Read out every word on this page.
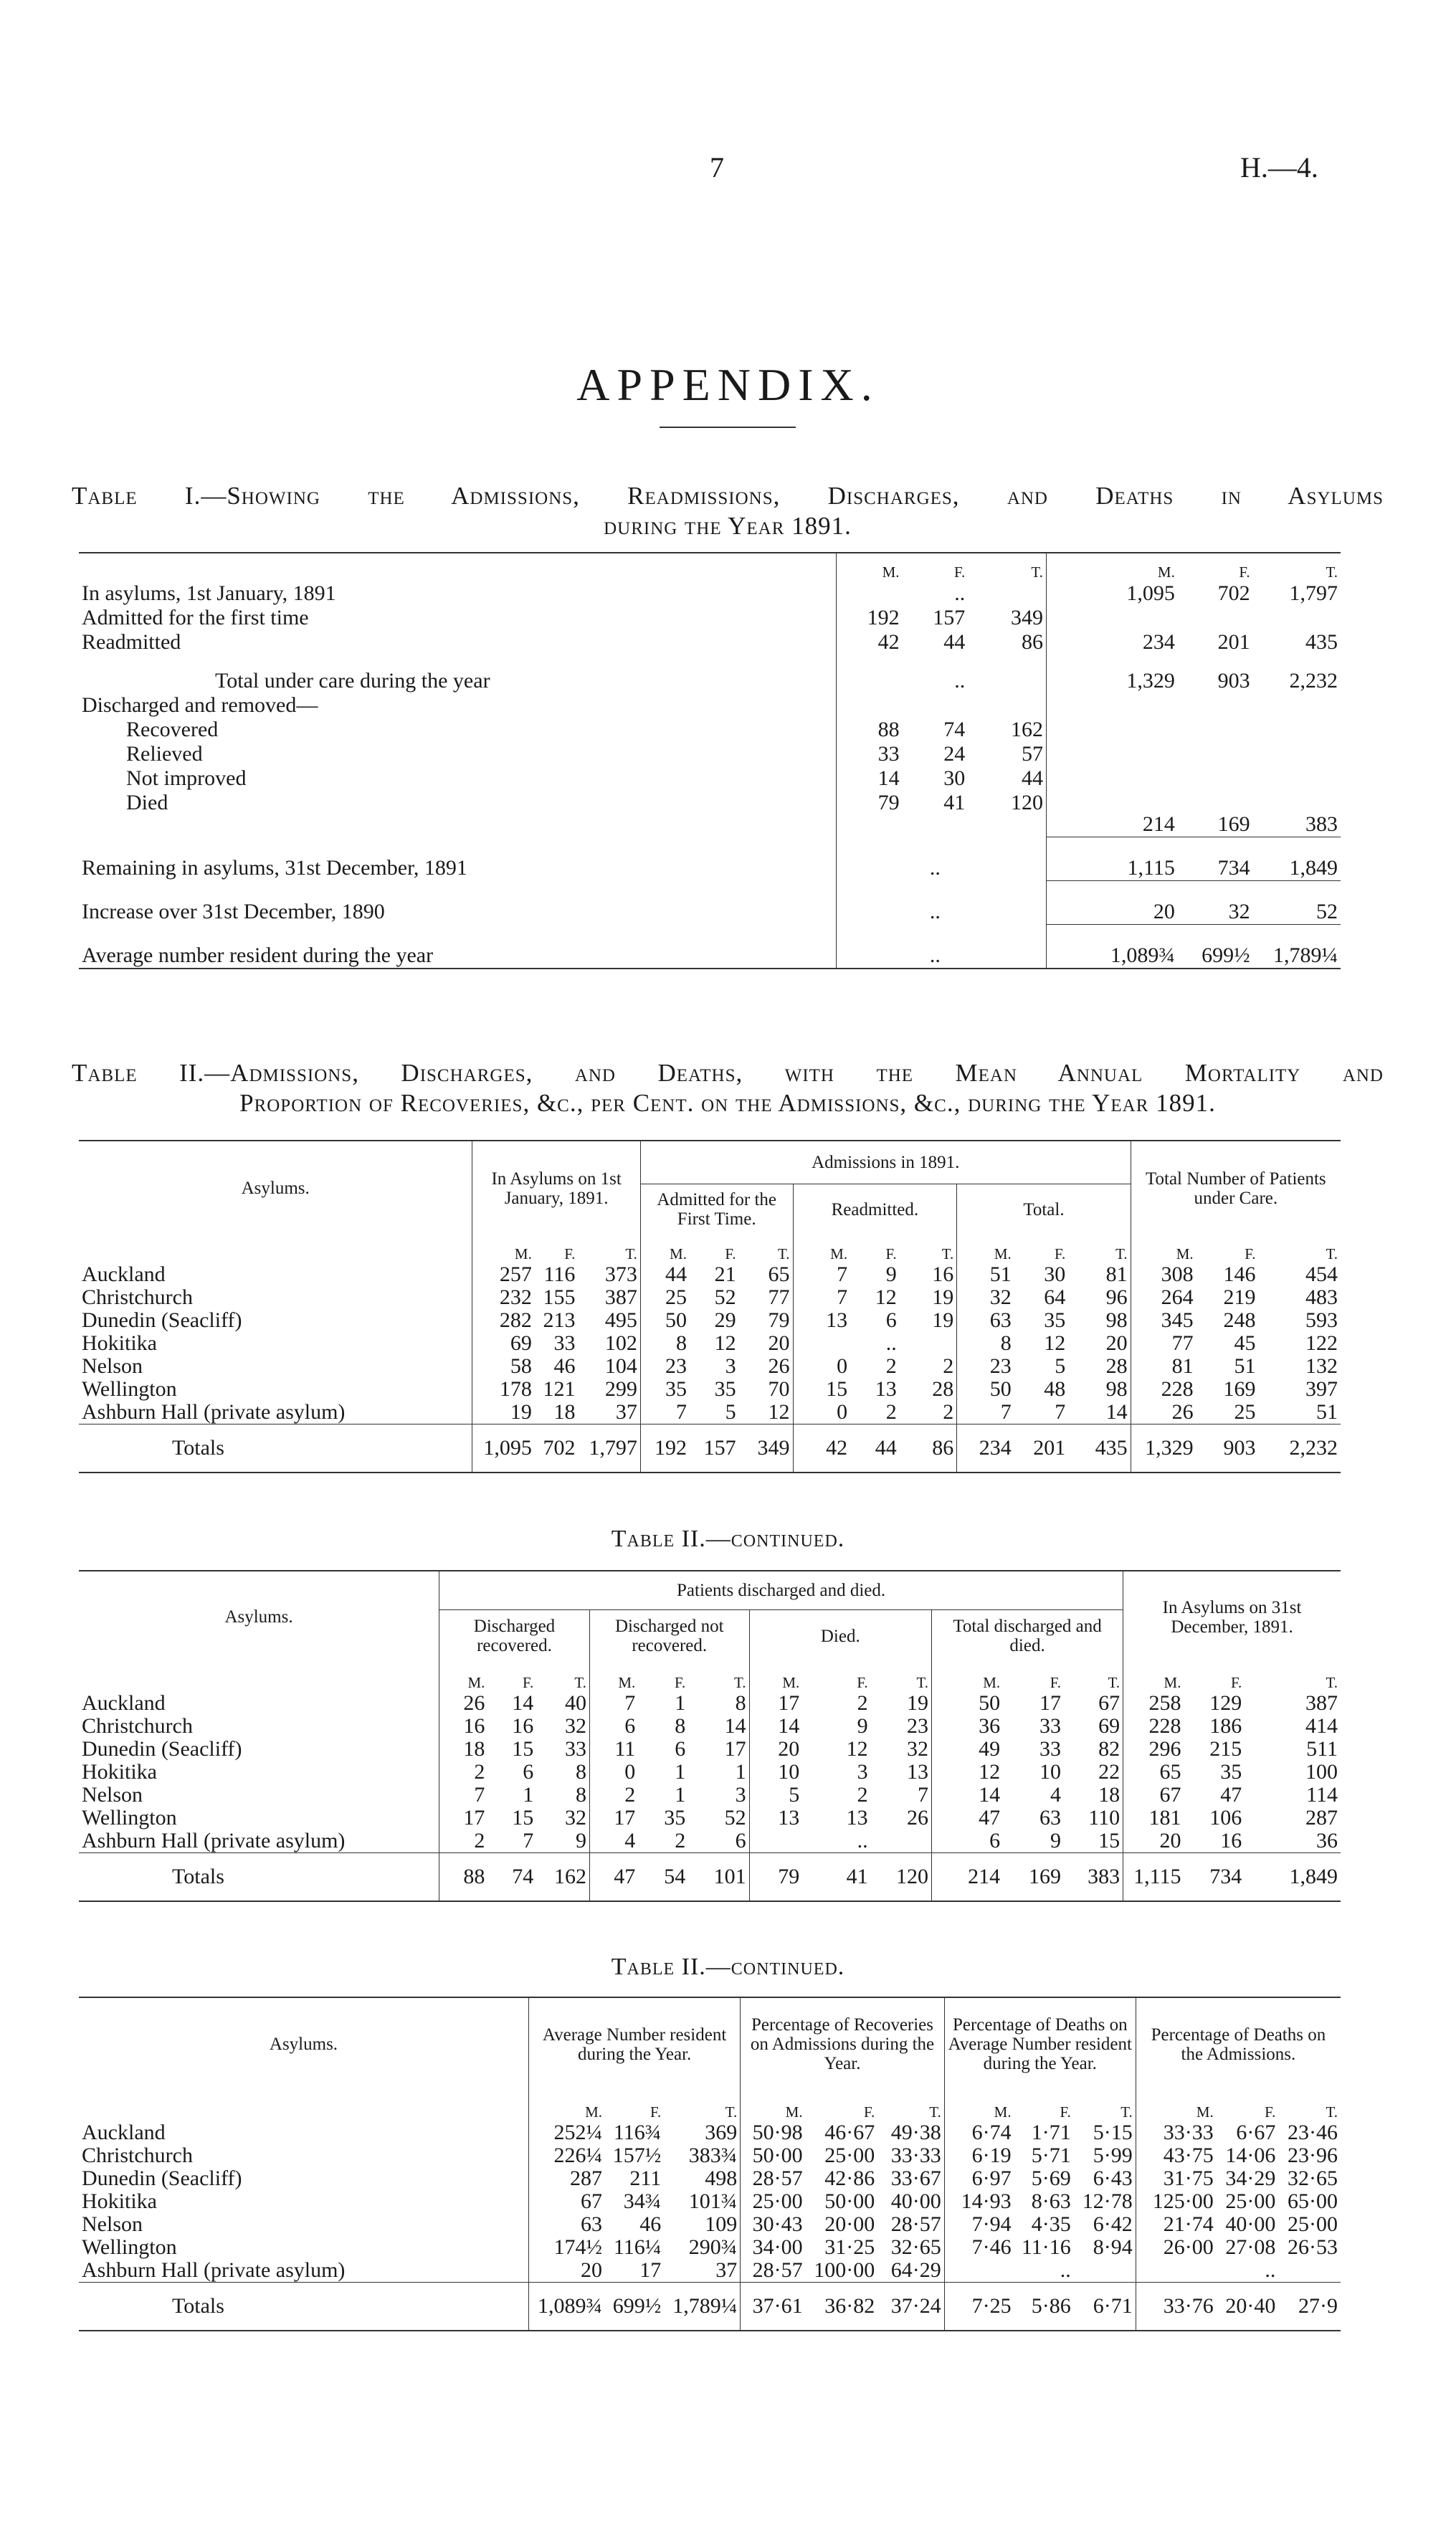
7	H.—4.
APPENDIX.
Table I.—Showing the Admissions, Readmissions, Discharges, and Deaths in Asylums
during the Year 1891.
	M.	F.	T.		M.	F.	T.
In asylums, 1st January, 1891		..			1,095	702	1,797
Admitted for the first time	192	157	349				
Readmitted	42	44	86		234	201	435
Total under care during the year		..			1,329	903	2,232
Discharged and removed—							
Recovered	88	74	162				
Relieved	33	24	57				
Not improved	14	30	44				
Died	79	41	120		214	169	383
Remaining in asylums, 31st December, 1891		..			1,115	734	1,849
Increase over 31st December, 1890		..			20	32	52
Average number resident during the year		..			1,089¾	699½	1,789¼
Table II.—Admissions, Discharges, and Deaths, with the Mean Annual Mortality and
Proportion of Recoveries, &c., per Cent. on the Admissions, &c., during the Year 1891.
Asylums.	In Asylums on 1st January, 1891.			Admissions in 1891.									Total Number of Patients under Care.		
				Admitted for the First Time.			Readmitted.			Total.					
	M.	F.	T.	M.	F.	T.	M.	F.	T.	M.	F.	T.	M.	F.	T.
Auckland	257	116	373	44	21	65	7	9	16	51	30	81	308	146	454
Christchurch	232	155	387	25	52	77	7	12	19	32	64	96	264	219	483
Dunedin (Seacliff)	282	213	495	50	29	79	13	6	19	63	35	98	345	248	593
Hokitika	69	33	102	8	12	20		..		8	12	20	77	45	122
Nelson	58	46	104	23	3	26	0	2	2	23	5	28	81	51	132
Wellington	178	121	299	35	35	70	15	13	28	50	48	98	228	169	397
Ashburn Hall (private asylum)	19	18	37	7	5	12	0	2	2	7	7	14	26	25	51
Totals	1,095	702	1,797	192	157	349	42	44	86	234	201	435	1,329	903	2,232
Table II.—continued.
Asylums.	Patients discharged and died.												In Asylums on 31st December, 1891.		
	Discharged recovered.			Discharged not recovered.			Died.			Total discharged and died.					
	M.	F.	T.	M.	F.	T.	M.	F.	T.	M.	F.	T.	M.	F.	T.
Auckland	26	14	40	7	1	8	17	2	19	50	17	67	258	129	387
Christchurch	16	16	32	6	8	14	14	9	23	36	33	69	228	186	414
Dunedin (Seacliff)	18	15	33	11	6	17	20	12	32	49	33	82	296	215	511
Hokitika	2	6	8	0	1	1	10	3	13	12	10	22	65	35	100
Nelson	7	1	8	2	1	3	5	2	7	14	4	18	67	47	114
Wellington	17	15	32	17	35	52	13	13	26	47	63	110	181	106	287
Ashburn Hall (private asylum)	2	7	9	4	2	6		..		6	9	15	20	16	36
Totals	88	74	162	47	54	101	79	41	120	214	169	383	1,115	734	1,849
Table II.—continued.
Asylums.	Average Number resident during the Year.			Percentage of Recoveries on Admissions during the Year.			Percentage of Deaths on Average Number resident during the Year.			Percentage of Deaths on the Admissions.		
	M.	F.	T.	M.	F.	T.	M.	F.	T.	M.	F.	T.
Auckland	252¼	116¾	369	50·98	46·67	49·38	6·74	1·71	5·15	33·33	6·67	23·46
Christchurch	226¼	157½	383¾	50·00	25·00	33·33	6·19	5·71	5·99	43·75	14·06	23·96
Dunedin (Seacliff)	287	211	498	28·57	42·86	33·67	6·97	5·69	6·43	31·75	34·29	32·65
Hokitika	67	34¾	101¾	25·00	50·00	40·00	14·93	8·63	12·78	125·00	25·00	65·00
Nelson	63	46	109	30·43	20·00	28·57	7·94	4·35	6·42	21·74	40·00	25·00
Wellington	174½	116¼	290¾	34·00	31·25	32·65	7·46	11·16	8·94	26·00	27·08	26·53
Ashburn Hall (private asylum)	20	17	37	28·57	100·00	64·29		..			..	
Totals	1,089¾	699½	1,789¼	37·61	36·82	37·24	7·25	5·86	6·71	33·76	20·40	27·9
